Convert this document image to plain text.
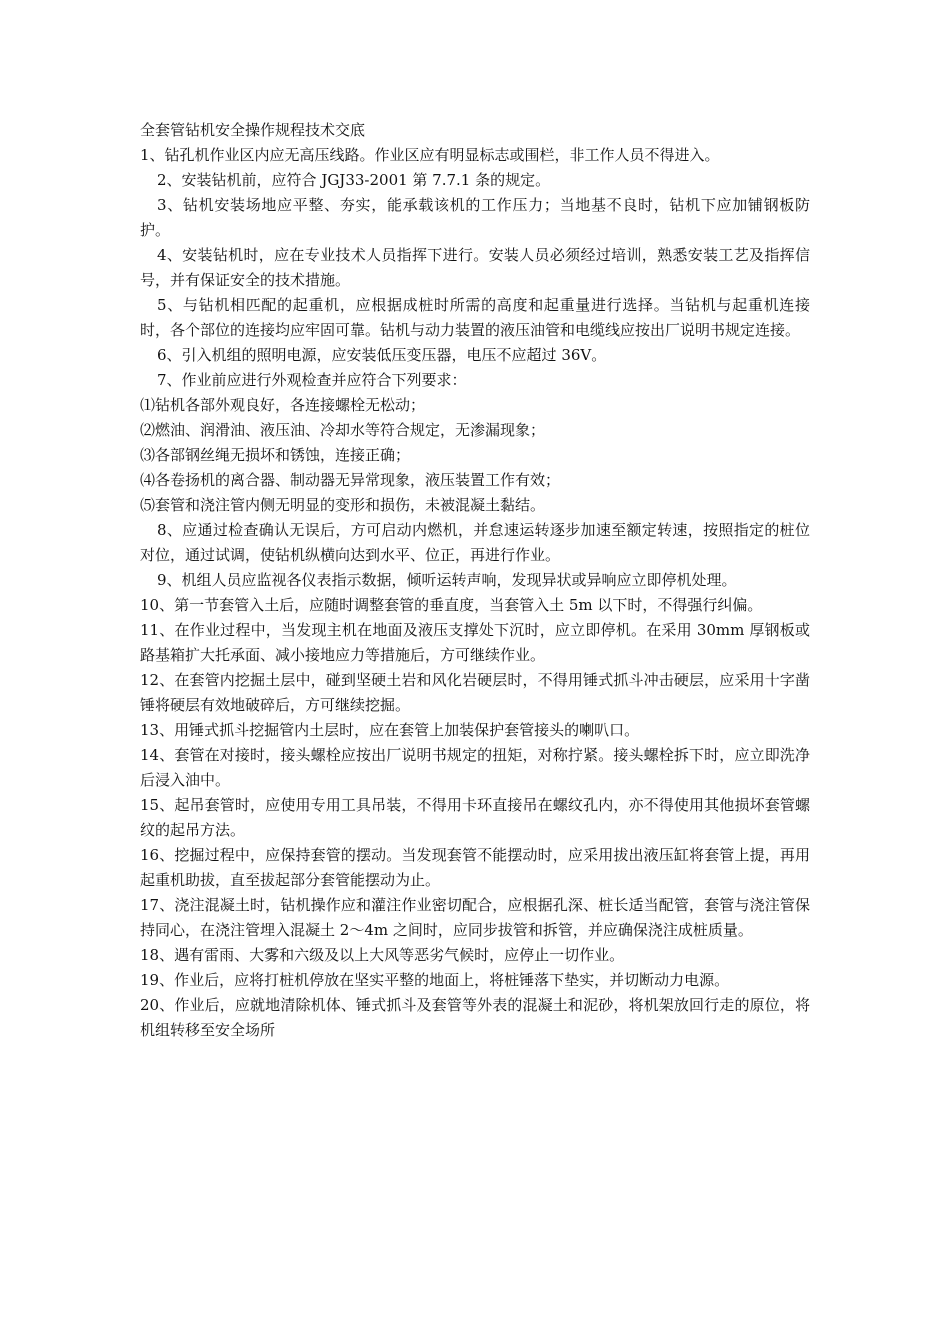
全套管钻机安全操作规程技术交底

1、钻孔机作业区内应无高压线路。作业区应有明显标志或围栏，非工作人员不得进入。

2、安装钻机前，应符合 JGJ33-2001 第 7.7.1 条的规定。

3、钻机安装场地应平整、夯实，能承载该机的工作压力；当地基不良时，钻机下应加铺钢板防护。

4、安装钻机时，应在专业技术人员指挥下进行。安装人员必须经过培训，熟悉安装工艺及指挥信号，并有保证安全的技术措施。

5、与钻机相匹配的起重机，应根据成桩时所需的高度和起重量进行选择。当钻机与起重机连接时，各个部位的连接均应牢固可靠。钻机与动力装置的液压油管和电缆线应按出厂说明书规定连接。

6、引入机组的照明电源，应安装低压变压器，电压不应超过 36V。

7、作业前应进行外观检查并应符合下列要求：

⑴钻机各部外观良好，各连接螺栓无松动；

⑵燃油、润滑油、液压油、冷却水等符合规定，无渗漏现象；

⑶各部钢丝绳无损坏和锈蚀，连接正确；

⑷各卷扬机的离合器、制动器无异常现象，液压装置工作有效；

⑸套管和浇注管内侧无明显的变形和损伤，未被混凝土黏结。

8、应通过检查确认无误后，方可启动内燃机，并怠速运转逐步加速至额定转速，按照指定的桩位对位，通过试调，使钻机纵横向达到水平、位正，再进行作业。

9、机组人员应监视各仪表指示数据，倾听运转声响，发现异状或异响应立即停机处理。

10、第一节套管入土后，应随时调整套管的垂直度，当套管入土 5m 以下时，不得强行纠偏。

11、在作业过程中，当发现主机在地面及液压支撑处下沉时，应立即停机。在采用 30mm 厚钢板或路基箱扩大托承面、减小接地应力等措施后，方可继续作业。

12、在套管内挖掘土层中，碰到坚硬土岩和风化岩硬层时，不得用锤式抓斗冲击硬层，应采用十字凿锤将硬层有效地破碎后，方可继续挖掘。

13、用锤式抓斗挖掘管内土层时，应在套管上加装保护套管接头的喇叭口。

14、套管在对接时，接头螺栓应按出厂说明书规定的扭矩，对称拧紧。接头螺栓拆下时，应立即洗净后浸入油中。

15、起吊套管时，应使用专用工具吊装，不得用卡环直接吊在螺纹孔内，亦不得使用其他损坏套管螺纹的起吊方法。

16、挖掘过程中，应保持套管的摆动。当发现套管不能摆动时，应采用拔出液压缸将套管上提，再用起重机助拔，直至拔起部分套管能摆动为止。

17、浇注混凝土时，钻机操作应和灌注作业密切配合，应根据孔深、桩长适当配管，套管与浇注管保持同心，在浇注管埋入混凝土 2～4m 之间时，应同步拔管和拆管，并应确保浇注成桩质量。

18、遇有雷雨、大雾和六级及以上大风等恶劣气候时，应停止一切作业。

19、作业后，应将打桩机停放在坚实平整的地面上，将桩锤落下垫实，并切断动力电源。

20、作业后，应就地清除机体、锤式抓斗及套管等外表的混凝土和泥砂，将机架放回行走的原位，将机组转移至安全场所
